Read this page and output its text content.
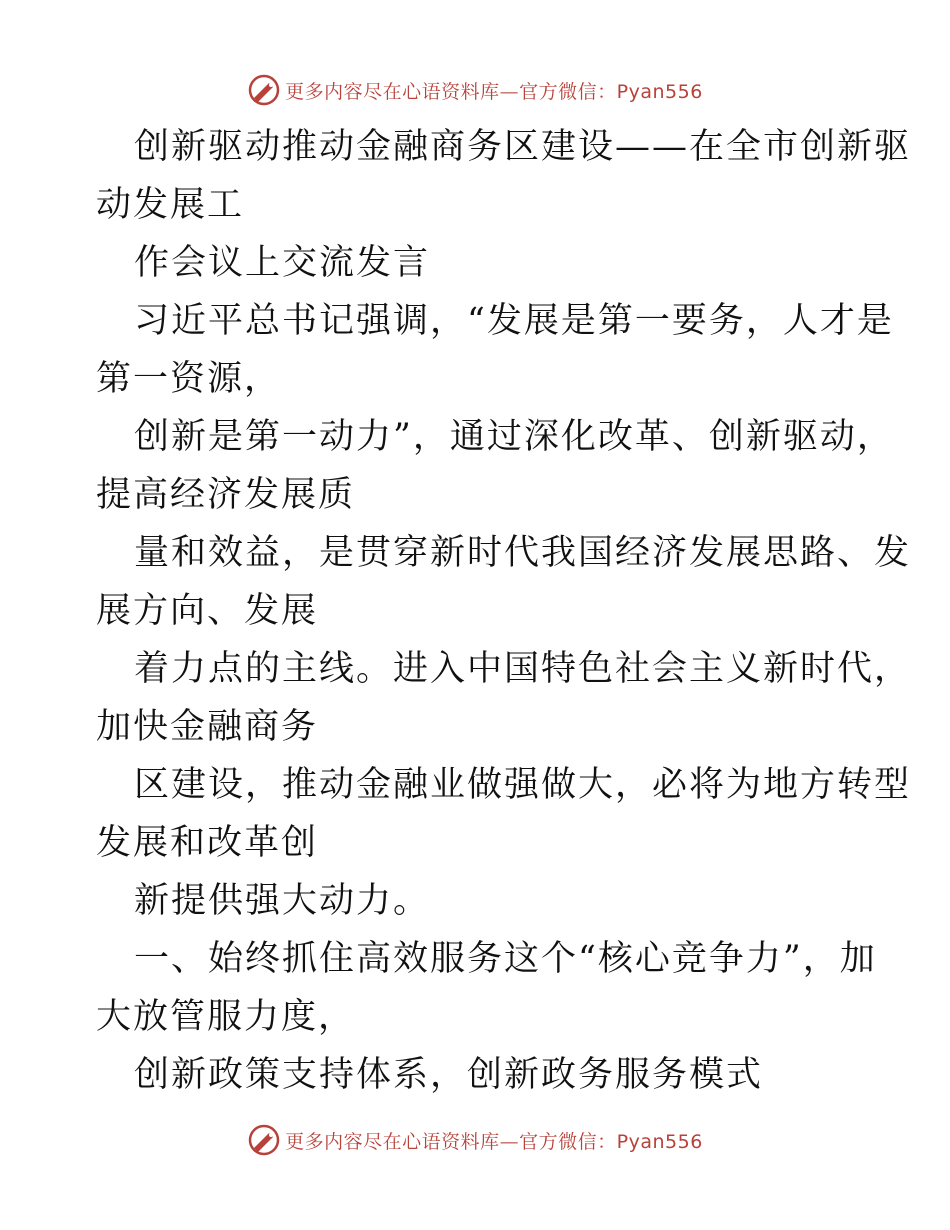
更多内容尽在心语资料库—官方微信：Pyan556
创新驱动推动金融商务区建设——在全市创新驱
动发展工
作会议上交流发言
习近平总书记强调，“发展是第一要务，人才是
第一资源，
创新是第一动力”，通过深化改革、创新驱动，
提高经济发展质
量和效益，是贯穿新时代我国经济发展思路、发
展方向、发展
着力点的主线。进入中国特色社会主义新时代，
加快金融商务
区建设，推动金融业做强做大，必将为地方转型
发展和改革创
新提供强大动力。
一、始终抓住高效服务这个“核心竞争力”，加
大放管服力度，
创新政策支持体系，创新政务服务模式
更多内容尽在心语资料库—官方微信：Pyan556
